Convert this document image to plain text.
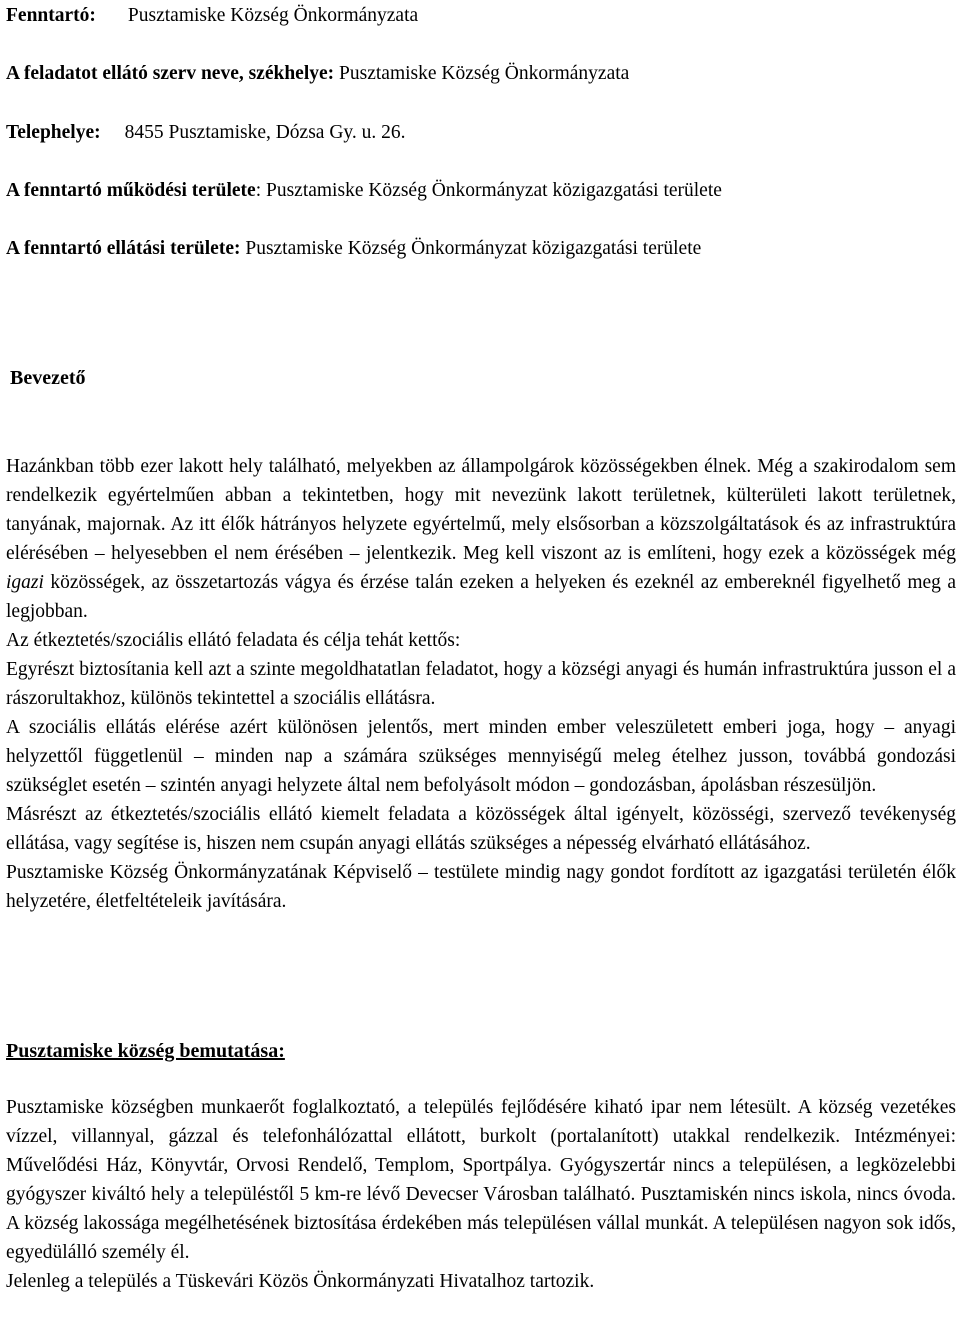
Fenntartó: Pusztamiske Község Önkormányzata
A feladatot ellátó szerv neve, székhelye: Pusztamiske Község Önkormányzata
Telephelye: 8455 Pusztamiske, Dózsa Gy. u. 26.
A fenntartó működési területe: Pusztamiske Község Önkormányzat közigazgatási területe
A fenntartó ellátási területe: Pusztamiske Község Önkormányzat közigazgatási területe
Bevezető

Hazánkban több ezer lakott hely található, melyekben az állampolgárok közösségekben élnek. Még a szakirodalom sem rendelkezik egyértelműen abban a tekintetben, hogy mit nevezünk lakott területnek, külterületi lakott területnek, tanyának, majornak. Az itt élők hátrányos helyzete egyértelmű, mely elsősorban a közszolgáltatások és az infrastruktúra elérésében – helyesebben el nem érésében – jelentkezik. Meg kell viszont az is említeni, hogy ezek a közösségek még igazi közösségek, az összetartozás vágya és érzése talán ezeken a helyeken és ezeknél az embereknél figyelhető meg a legjobban.

Az étkeztetés/szociális ellátó feladata és célja tehát kettős:

Egyrészt biztosítania kell azt a szinte megoldhatatlan feladatot, hogy a községi anyagi és humán infrastruktúra jusson el a rászorultakhoz, különös tekintettel a szociális ellátásra.

A szociális ellátás elérése azért különösen jelentős, mert minden ember veleszületett emberi joga, hogy – anyagi helyzettől függetlenül – minden nap a számára szükséges mennyiségű meleg ételhez jusson, továbbá gondozási szükséglet esetén – szintén anyagi helyzete által nem befolyásolt módon – gondozásban, ápolásban részesüljön.

Másrészt az étkeztetés/szociális ellátó kiemelt feladata a közösségek által igényelt, közösségi, szervező tevékenység ellátása, vagy segítése is, hiszen nem csupán anyagi ellátás szükséges a népesség elvárható ellátásához.

Pusztamiske Község Önkormányzatának Képviselő – testülete mindig nagy gondot fordított az igazgatási területén élők helyzetére, életfeltételeik javítására.

Pusztamiske község bemutatása:

Pusztamiske községben munkaerőt foglalkoztató, a település fejlődésére kiható ipar nem létesült. A község vezetékes vízzel, villannyal, gázzal és telefonhálózattal ellátott, burkolt (portalanított) utakkal rendelkezik. Intézményei: Művelődési Ház, Könyvtár, Orvosi Rendelő, Templom, Sportpálya. Gyógyszertár nincs a településen, a legközelebbi gyógyszer kiváltó hely a településtől 5 km-re lévő Devecser Városban található. Pusztamiskén nincs iskola, nincs óvoda. A község lakossága megélhetésének biztosítása érdekében más településen vállal munkát. A településen nagyon sok idős, egyedülálló személy él.

Jelenleg a település a Tüskevári Közös Önkormányzati Hivatalhoz tartozik.
